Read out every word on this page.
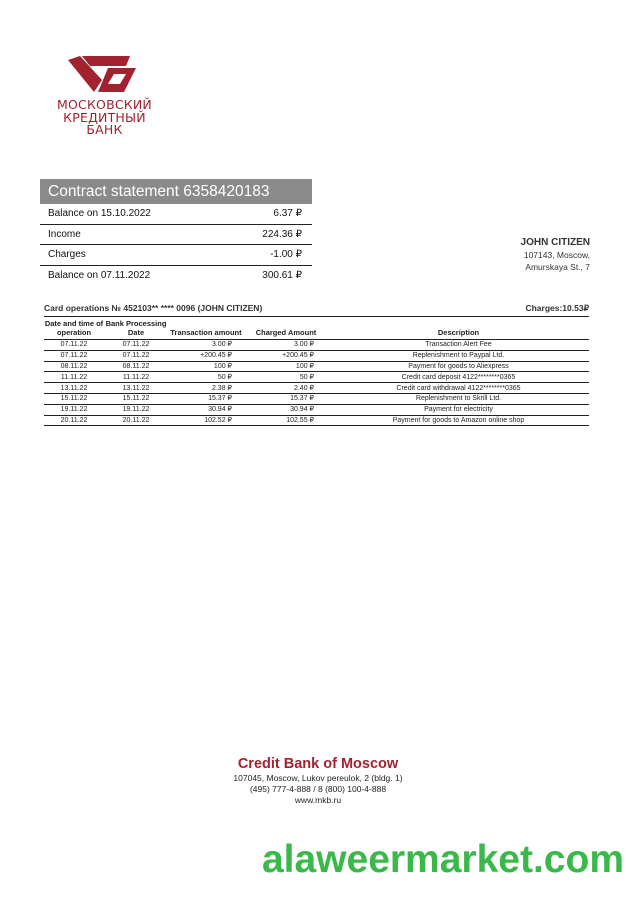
МОСКОВСКИЙ
КРЕДИТНЫЙ
БАНК
Contract statement 6358420183
Balance on 15.10.2022	6.37 ₽
Income	224.36 ₽
Charges	-1.00 ₽
Balance on 07.11.2022	300.61 ₽
JOHN CITIZEN
107143, Moscow,
Amurskaya St., 7
Card operations № 452103** **** 0096 (JOHN CITIZEN)	Charges:10.53₽
Date and time of operation	Bank Processing Date	Transaction amount	Charged Amount	Description
07.11.22	07.11.22	3.00 ₽	3.00 ₽	Transaction Alert Fee
07.11.22	07.11.22	+200.45 ₽	+200.45 ₽	Replenishment to Paypal Ltd.
08.11.22	08.11.22	100 ₽	100 ₽	Payment for goods to Aliexpress
11.11.22	11.11.22	50 ₽	50 ₽	Credit card deposit 4122********0365
13.11.22	13.11.22	2.38 ₽	2.40 ₽	Credit card withdrawal 4122********0365
15.11.22	15.11.22	15.37 ₽	15.37 ₽	Replenishment to Skrill Ltd.
19.11.22	19.11.22	30.94 ₽	30.94 ₽	Payment for electricity
20.11.22	20.11.22	102.52 ₽	102.55 ₽	Payment for goods to Amazon online shop
Credit Bank of Moscow
107045, Moscow, Lukov pereulok, 2 (bldg. 1)
(495) 777-4-888 / 8 (800) 100-4-888
www.mkb.ru
alaweermarket.com
